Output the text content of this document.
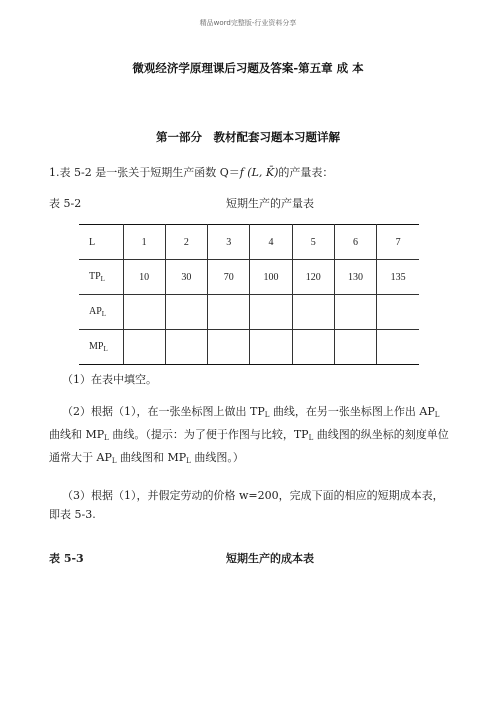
精品word完整版-行业资料分享
微观经济学原理课后习题及答案-第五章 成 本
第一部分　教材配套习题本习题详解
1.表 5-2 是一张关于短期生产函数 Q＝f (L, K̄)的产量表：
表 5-2	短期生产的产量表
L	1	2	3	4	5	6	7
$TP_L$	10	30	70	100	120	130	135
$AP_L$							
$MP_L$							
（1）在表中填空。
（2）根据（1），在一张坐标图上做出 $TP_L$ 曲线，在另一张坐标图上作出 $AP_L$ 曲线和 $MP_L$ 曲线。（提示：为了便于作图与比较，$TP_L$ 曲线图的纵坐标的刻度单位通常大于 $AP_L$ 曲线图和 $MP_L$ 曲线图。）
（3）根据（1），并假定劳动的价格 w=200，完成下面的相应的短期成本表，即表 5-3.
表 5-3	短期生产的成本表
